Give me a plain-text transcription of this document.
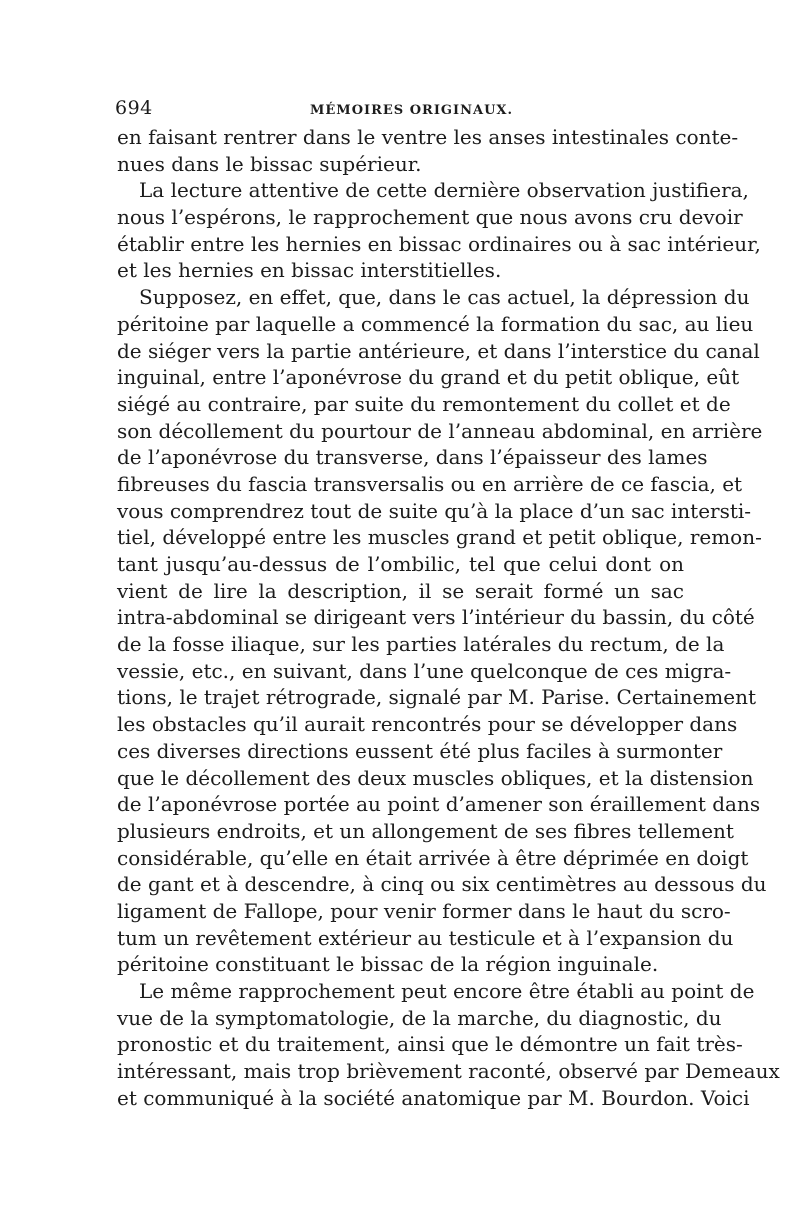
694	MÉMOIRES ORIGINAUX.
en faisant rentrer dans le ventre les anses intestinales conte-
nues dans le bissac supérieur.
La lecture attentive de cette dernière observation justifiera,
nous l’espérons, le rapprochement que nous avons cru devoir
établir entre les hernies en bissac ordinaires ou à sac intérieur,
et les hernies en bissac interstitielles.
Supposez, en effet, que, dans le cas actuel, la dépression du
péritoine par laquelle a commencé la formation du sac, au lieu
de siéger vers la partie antérieure, et dans l’interstice du canal
inguinal, entre l’aponévrose du grand et du petit oblique, eût
siégé au contraire, par suite du remontement du collet et de
son décollement du pourtour de l’anneau abdominal, en arrière
de l’aponévrose du transverse, dans l’épaisseur des lames
fibreuses du fascia transversalis ou en arrière de ce fascia, et
vous comprendrez tout de suite qu’à la place d’un sac intersti-
tiel, développé entre les muscles grand et petit oblique, remon-
tant jusqu’au-dessus de l’ombilic, tel que celui dont on
vient de lire la description, il se serait formé un sac
intra-abdominal se dirigeant vers l’intérieur du bassin, du côté
de la fosse iliaque, sur les parties latérales du rectum, de la
vessie, etc., en suivant, dans l’une quelconque de ces migra-
tions, le trajet rétrograde, signalé par M. Parise. Certainement
les obstacles qu’il aurait rencontrés pour se développer dans
ces diverses directions eussent été plus faciles à surmonter
que le décollement des deux muscles obliques, et la distension
de l’aponévrose portée au point d’amener son éraillement dans
plusieurs endroits, et un allongement de ses fibres tellement
considérable, qu’elle en était arrivée à être déprimée en doigt
de gant et à descendre, à cinq ou six centimètres au dessous du
ligament de Fallope, pour venir former dans le haut du scro-
tum un revêtement extérieur au testicule et à l’expansion du
péritoine constituant le bissac de la région inguinale.
Le même rapprochement peut encore être établi au point de
vue de la symptomatologie, de la marche, du diagnostic, du
pronostic et du traitement, ainsi que le démontre un fait très-
intéressant, mais trop brièvement raconté, observé par Demeaux
et communiqué à la société anatomique par M. Bourdon. Voici
